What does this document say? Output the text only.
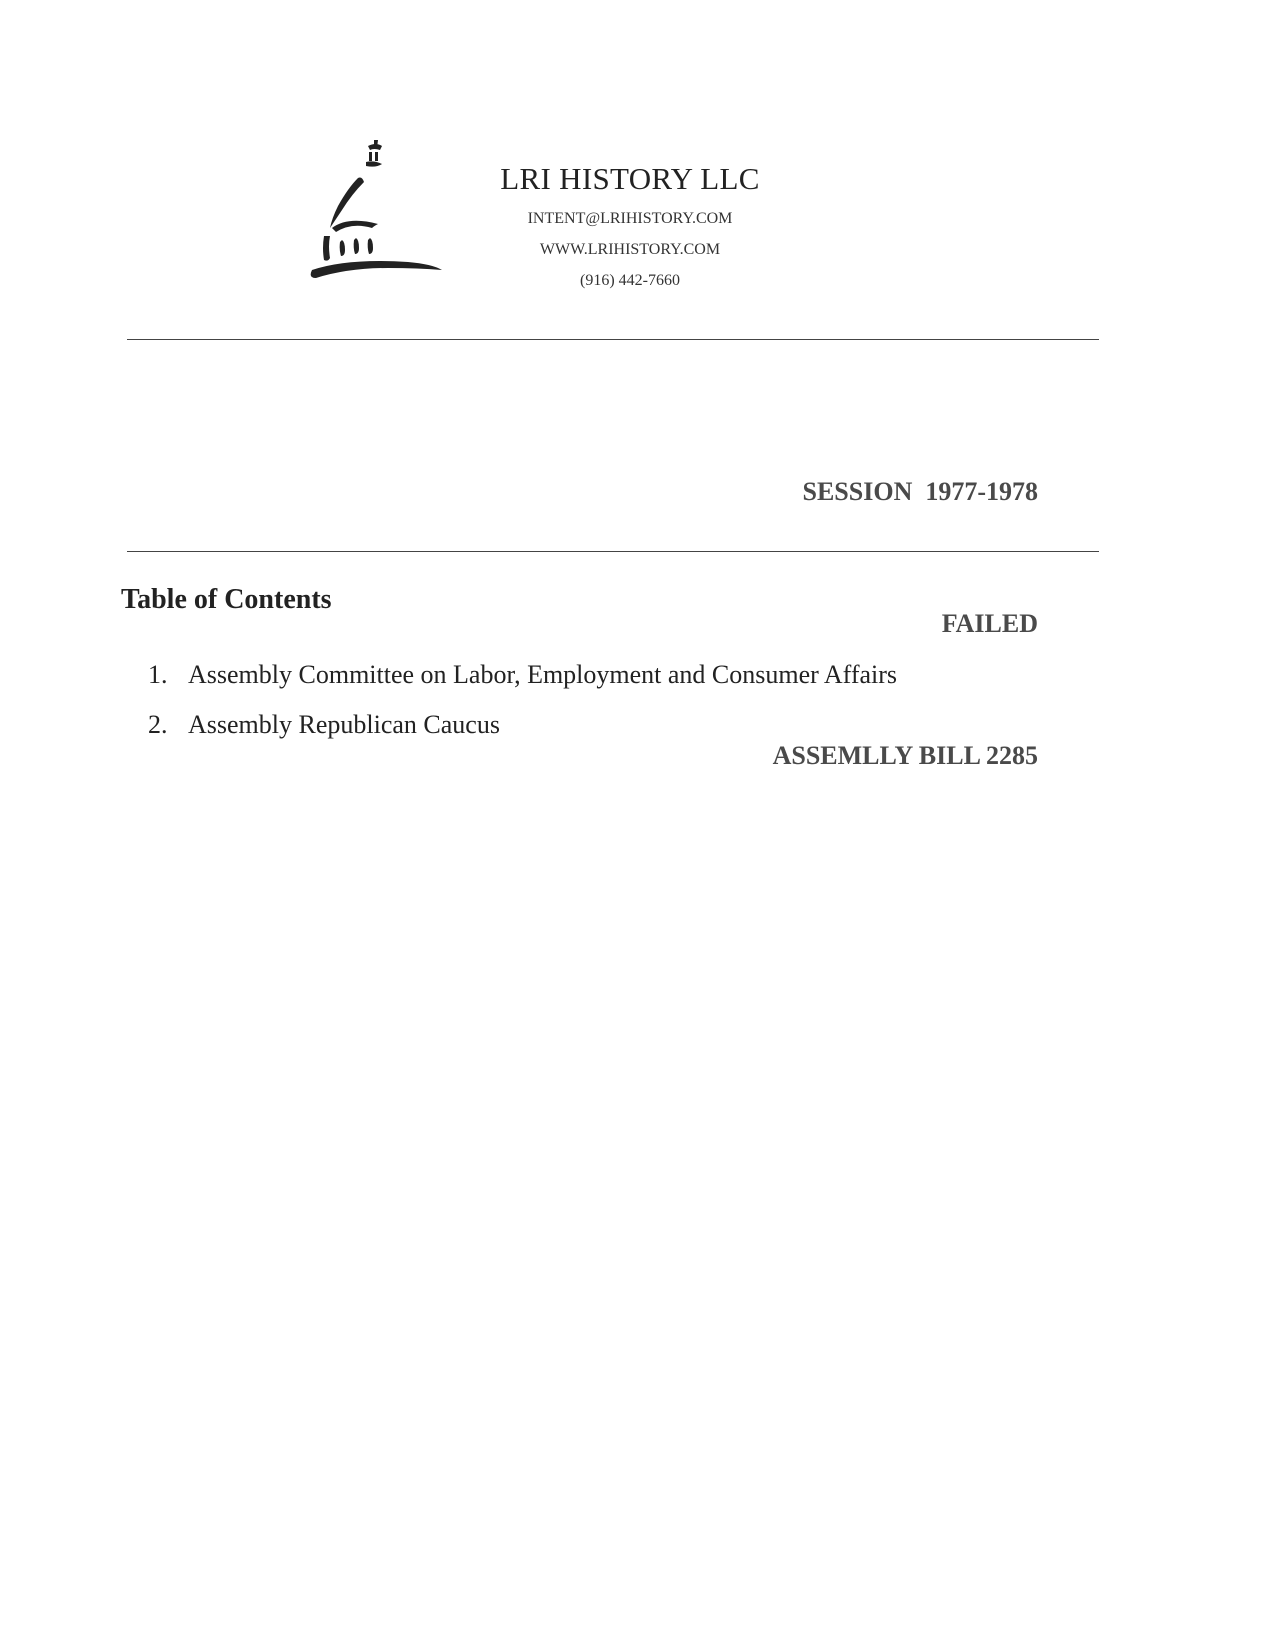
LRI HISTORY LLC
INTENT@LRIHISTORY.COM
WWW.LRIHISTORY.COM
(916) 442-7660

SESSION  1977-1978

FAILED

ASSEMLLY BILL 2285

Table of Contents
1. Assembly Committee on Labor, Employment and Consumer Affairs
2. Assembly Republican Caucus
